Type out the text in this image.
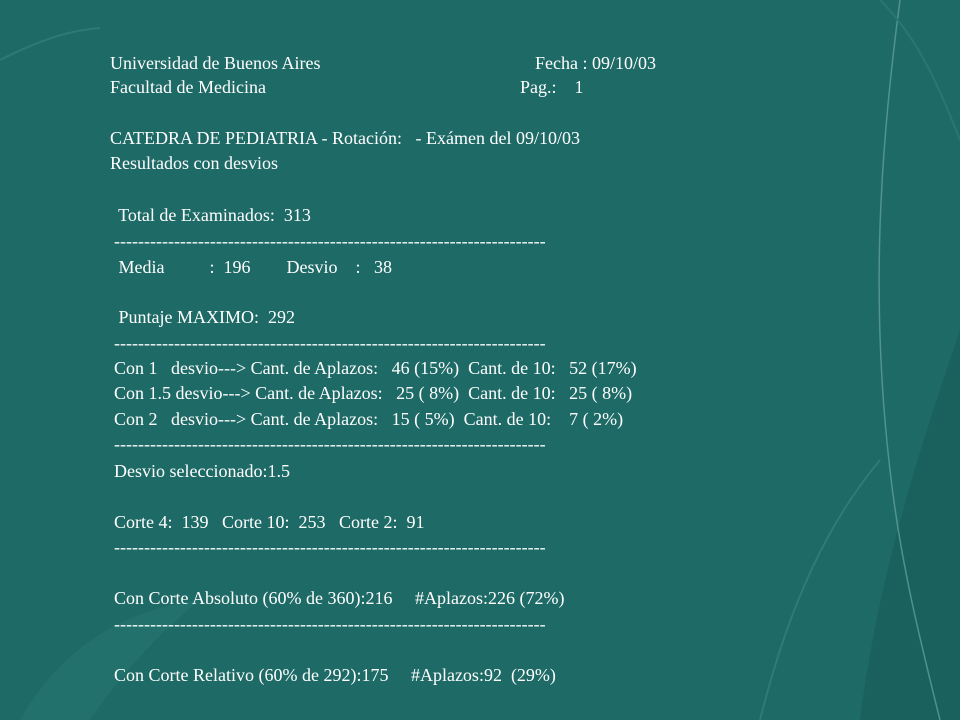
Universidad de Buenos Aires	Fecha : 09/10/03
Facultad de Medicina	Pag.:    1
CATEDRA DE PEDIATRIA - Rotación:   - Exámen del 09/10/03
Resultados con desvios
Total de Examinados:  313
------------------------------------------------------------------------
Media          :  196        Desvio    :   38
Puntaje MAXIMO:  292
------------------------------------------------------------------------
Con 1   desvio---> Cant. de Aplazos:   46 (15%)  Cant. de 10:   52 (17%)
Con 1.5 desvio---> Cant. de Aplazos:   25 ( 8%)  Cant. de 10:   25 ( 8%)
Con 2   desvio---> Cant. de Aplazos:   15 ( 5%)  Cant. de 10:    7 ( 2%)
------------------------------------------------------------------------
Desvio seleccionado:1.5
Corte 4:  139   Corte 10:  253   Corte 2:  91
------------------------------------------------------------------------
Con Corte Absoluto (60% de 360):216     #Aplazos:226 (72%)
------------------------------------------------------------------------
Con Corte Relativo (60% de 292):175     #Aplazos:92  (29%)
